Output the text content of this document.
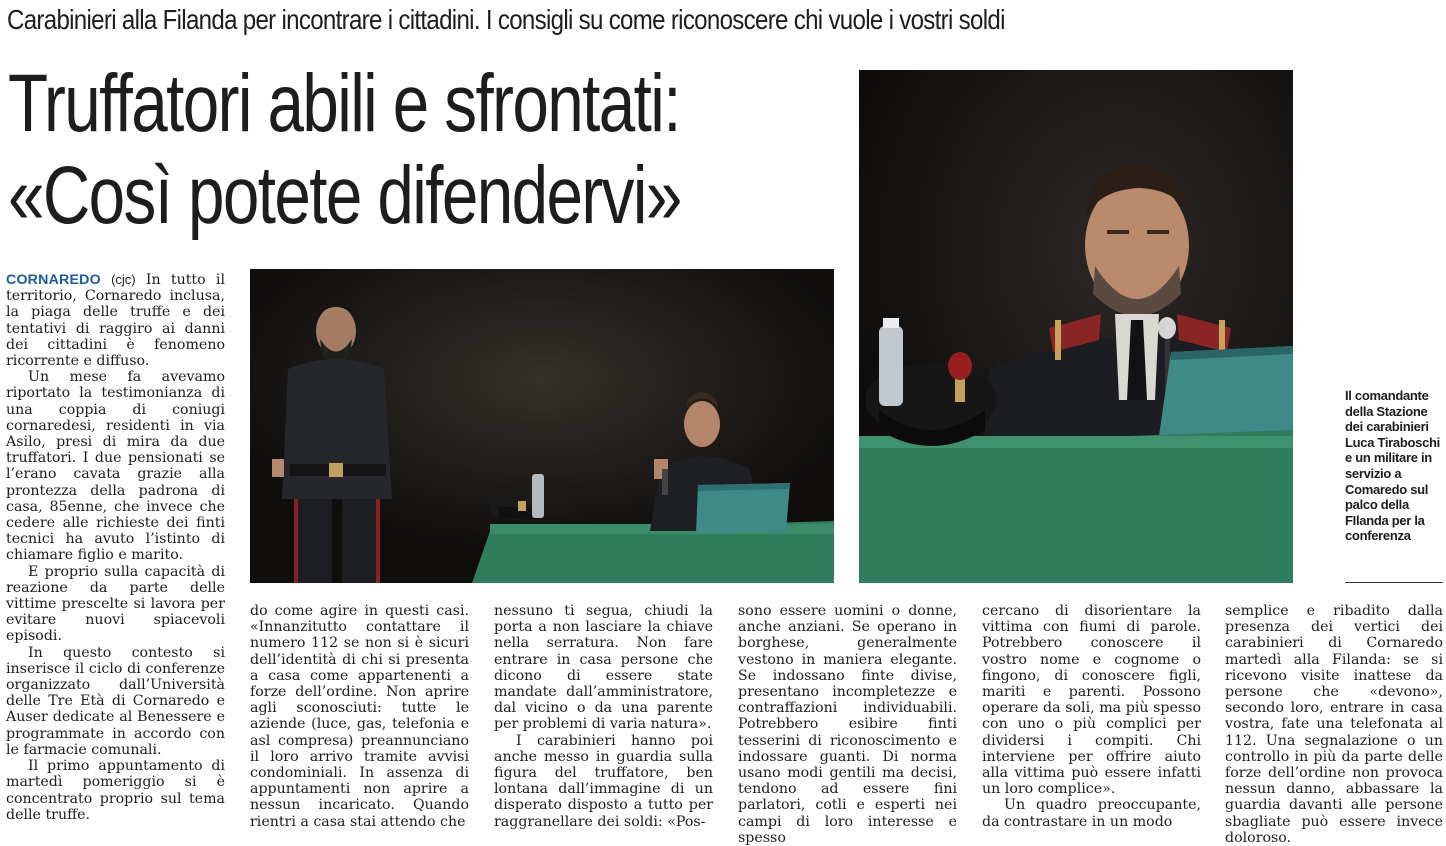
Carabinieri alla Filanda per incontrare i cittadini. I consigli su come riconoscere chi vuole i vostri soldi
Truffatori abili e sfrontati:
«Così potete difendervi»
Il comandante della Stazione dei carabinieri Luca Tiraboschi e un militare in servizio a Comaredo sul palco della FIlanda per la conferenza

CORNAREDO (cjc) In tutto il territorio, Cornaredo inclusa, la piaga delle truffe e dei tentativi di raggiro ai danni dei cittadini è fenomeno ricorrente e diffuso.

Un mese fa avevamo riportato la testimonianza di una coppia di coniugi cornaredesi, residenti in via Asilo, presi di mira da due truffatori. I due pensionati se l’erano cavata grazie alla prontezza della padrona di casa, 85enne, che invece che cedere alle richieste dei finti tecnici ha avuto l’istinto di chiamare figlio e marito.

E proprio sulla capacità di reazione da parte delle vittime prescelte si lavora per evitare nuovi spiacevoli episodi.

In questo contesto si inserisce il ciclo di conferenze organizzato dall’Università delle Tre Età di Cornaredo e Auser dedicate al Benessere e programmate in accordo con le farmacie comunali.

Il primo appuntamento di martedì pomeriggio si è concentrato proprio sul tema delle truffe.

do come agire in questi casi. «Innanzitutto contattare il numero 112 se non si è sicuri dell’identità di chi si presenta a casa come appartenenti a forze dell’ordine. Non aprire agli sconosciuti: tutte le aziende (luce, gas, telefonia e asl compresa) preannunciano il loro arrivo tramite avvisi condominiali. In assenza di appuntamenti non aprire a nessun incaricato. Quando rientri a casa stai attendo che

nessuno ti segua, chiudi la porta a non lasciare la chiave nella serratura. Non fare entrare in casa persone che dicono di essere state mandate dall’amministratore, dal vicino o da una parente per problemi di varia natura».

I carabinieri hanno poi anche messo in guardia sulla figura del truffatore, ben lontana dall’immagine di un disperato disposto a tutto per raggranellare dei soldi: «Pos-

sono essere uomini o donne, anche anziani. Se operano in borghese, generalmente vestono in maniera elegante. Se indossano finte divise, presentano incompletezze e contraffazioni individuabili. Potrebbero esibire finti tesserini di riconoscimento e indossare guanti. Di norma usano modi gentili ma decisi, tendono ad essere fini parlatori, cotli e esperti nei campi di loro interesse e spesso

cercano di disorientare la vittima con fiumi di parole. Potrebbero conoscere il vostro nome e cognome o fingono, di conoscere figli, mariti e parenti. Possono operare da soli, ma più spesso con uno o più complici per dividersi i compiti. Chi interviene per offrire aiuto alla vittima può essere infatti un loro complice».

Un quadro preoccupante, da contrastare in un modo

semplice e ribadito dalla presenza dei vertici dei carabinieri di Cornaredo martedì alla Filanda: se si ricevono visite inattese da persone che «devono», secondo loro, entrare in casa vostra, fate una telefonata al 112. Una segnalazione o un controllo in più da parte delle forze dell’ordine non provoca nessun danno, abbassare la guardia davanti alle persone sbagliate può essere invece doloroso.
